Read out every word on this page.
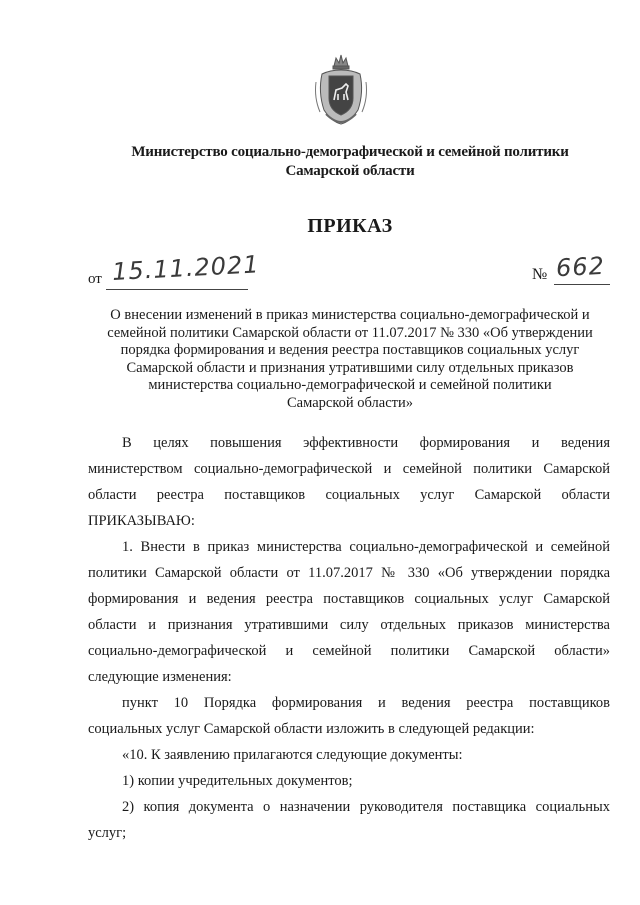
Министерство социально-демографической и семейной политики
Самарской области
ПРИКАЗ
от 15.11.2021	№ 662
О внесении изменений в приказ министерства социально-демографической и
семейной политики Самарской области от 11.07.2017 № 330 «Об утверждении
порядка формирования и ведения реестра поставщиков социальных услуг
Самарской области и признания утратившими силу отдельных приказов
министерства социально-демографической и семейной политики
Самарской области»
В целях повышения эффективности формирования и ведения
министерством социально-демографической и семейной политики Самарской
области реестра поставщиков социальных услуг Самарской области
ПРИКАЗЫВАЮ:
1. Внести в приказ министерства социально-демографической и семейной
политики Самарской области от 11.07.2017 № 330 «Об утверждении порядка
формирования и ведения реестра поставщиков социальных услуг Самарской
области и признания утратившими силу отдельных приказов министерства
социально-демографической и семейной политики Самарской области»
следующие изменения:
пункт 10 Порядка формирования и ведения реестра поставщиков
социальных услуг Самарской области изложить в следующей редакции:
«10. К заявлению прилагаются следующие документы:
1) копии учредительных документов;
2) копия документа о назначении руководителя поставщика социальных
услуг;
